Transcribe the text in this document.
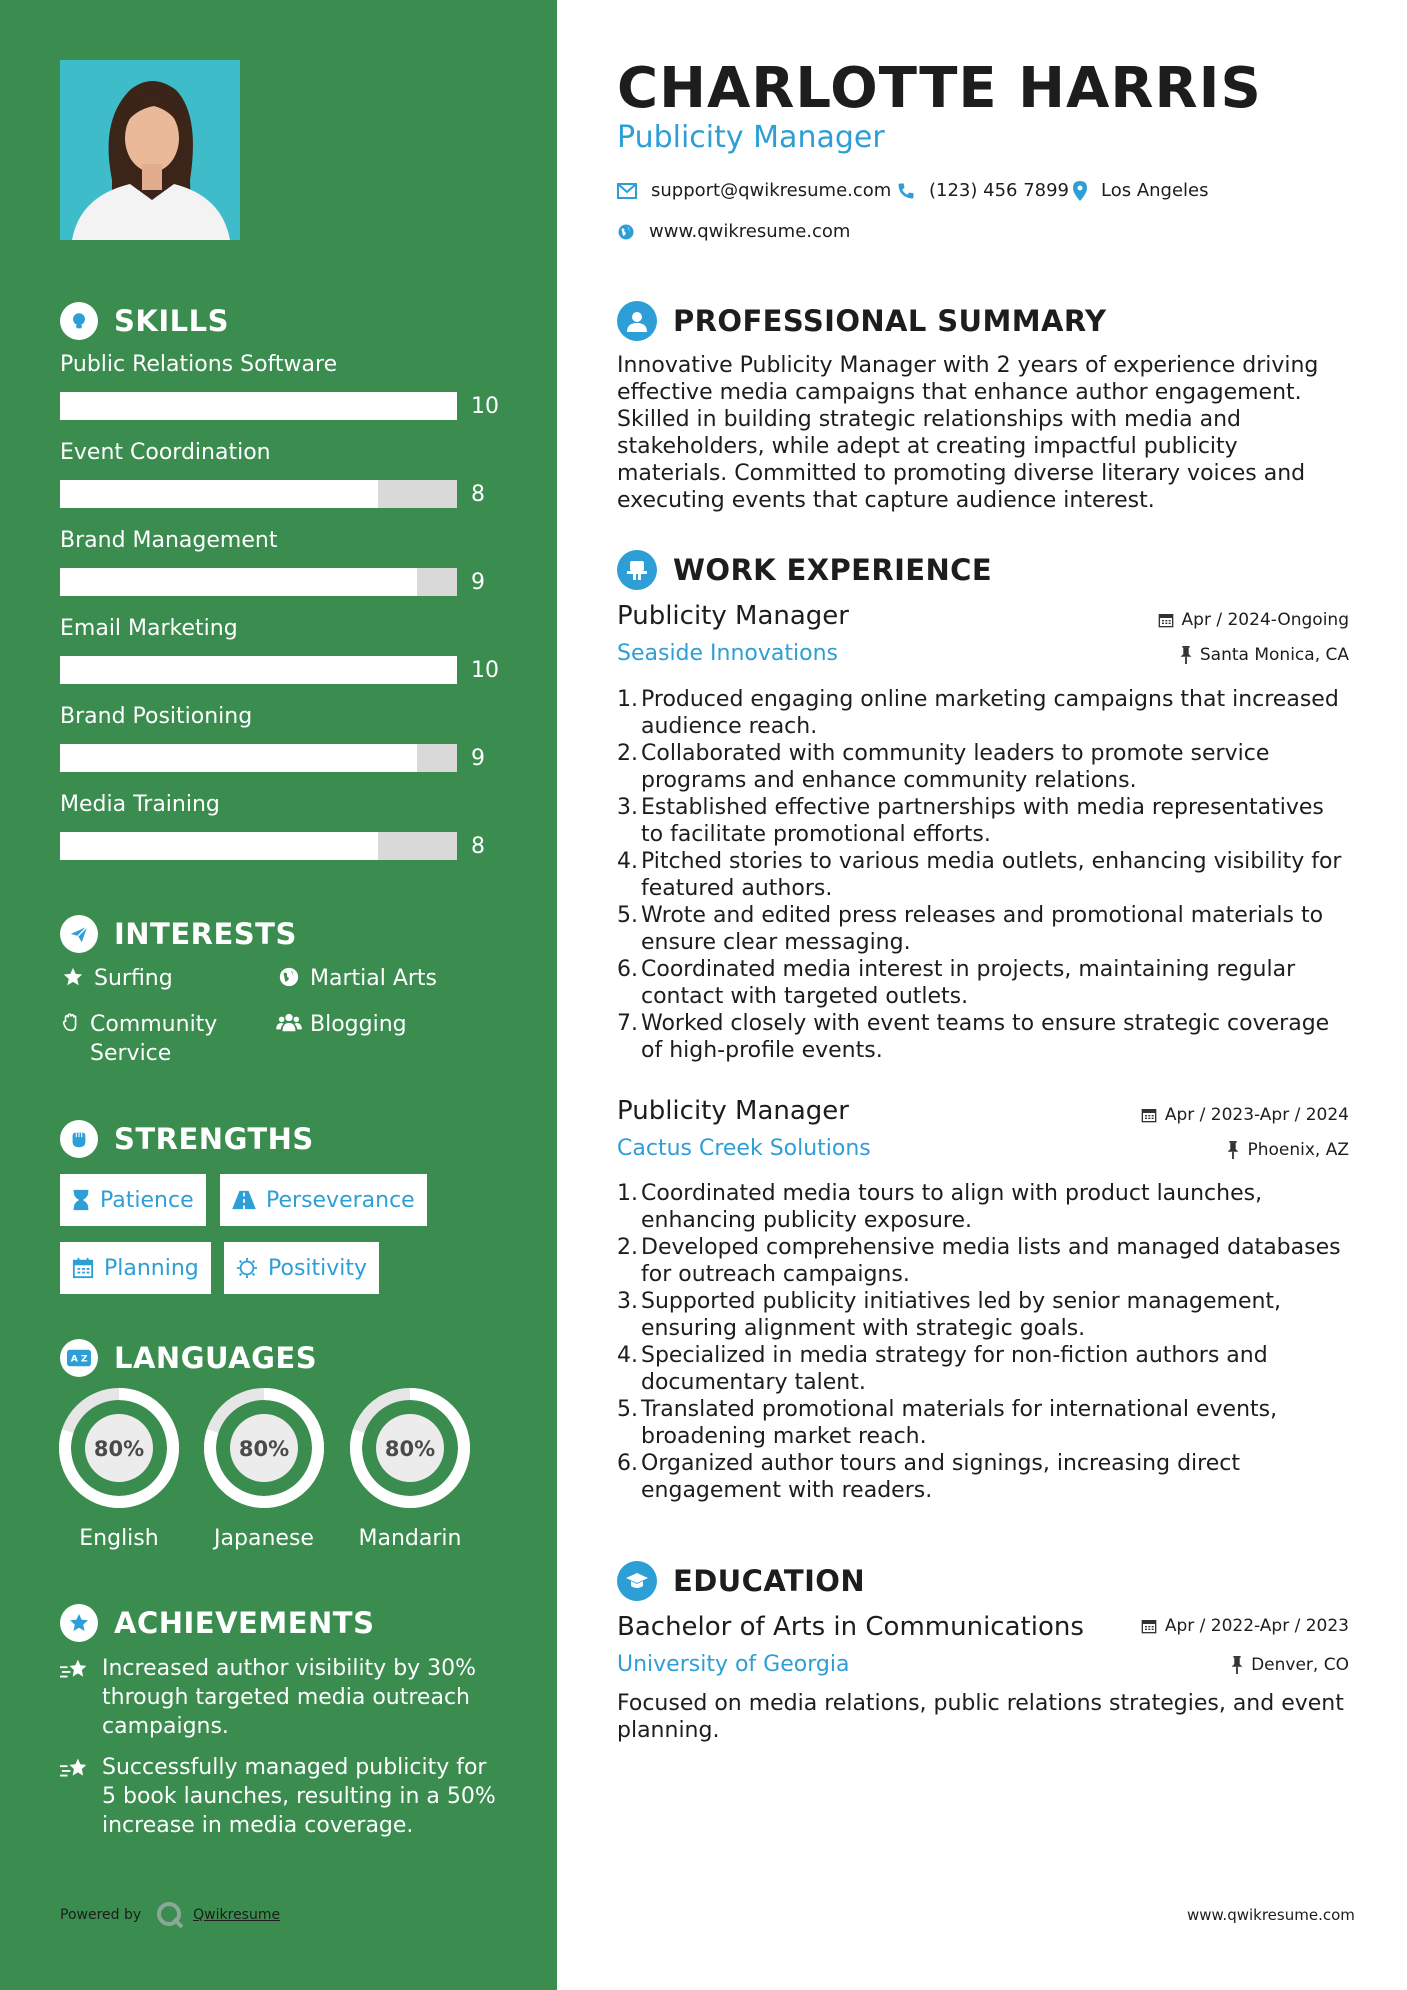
SKILLS
Public Relations Software
10
Event Coordination
8
Brand Management
9
Email Marketing
10
Brand Positioning
9
Media Training
8
INTERESTS
Surfing	Martial Arts
Community Service
Blogging
STRENGTHS
Patience	Perseverance
Planning	Positivity
A Z LANGUAGES
80%
English
80%
Japanese
80%
Mandarin
ACHIEVEMENTS
Increased author visibility by 30% through targeted media outreach campaigns.
Successfully managed publicity for 5 book launches, resulting in a 50% increase in media coverage.
Powered by	Qwikresume
CHARLOTTE HARRIS
Publicity Manager
support@qwikresume.com (123) 456 7899 Los Angeles
www.qwikresume.com
PROFESSIONAL SUMMARY
Innovative Publicity Manager with 2 years of experience driving effective media campaigns that enhance author engagement. Skilled in building strategic relationships with media and stakeholders, while adept at creating impactful publicity materials. Committed to promoting diverse literary voices and executing events that capture audience interest.
WORK EXPERIENCE
Publicity Manager	Apr / 2024-Ongoing
Seaside Innovations	Santa Monica, CA
1. Produced engaging online marketing campaigns that increased audience reach.
2. Collaborated with community leaders to promote service programs and enhance community relations.
3. Established effective partnerships with media representatives to facilitate promotional efforts.
4. Pitched stories to various media outlets, enhancing visibility for featured authors.
5. Wrote and edited press releases and promotional materials to ensure clear messaging.
6. Coordinated media interest in projects, maintaining regular contact with targeted outlets.
7. Worked closely with event teams to ensure strategic coverage of high-profile events.
Publicity Manager	Apr / 2023-Apr / 2024
Cactus Creek Solutions	Phoenix, AZ
1. Coordinated media tours to align with product launches, enhancing publicity exposure.
2. Developed comprehensive media lists and managed databases for outreach campaigns.
3. Supported publicity initiatives led by senior management, ensuring alignment with strategic goals.
4. Specialized in media strategy for non-fiction authors and documentary talent.
5. Translated promotional materials for international events, broadening market reach.
6. Organized author tours and signings, increasing direct engagement with readers.
EDUCATION
Bachelor of Arts in Communications	Apr / 2022-Apr / 2023
University of Georgia	Denver, CO
Focused on media relations, public relations strategies, and event planning.
www.qwikresume.com
